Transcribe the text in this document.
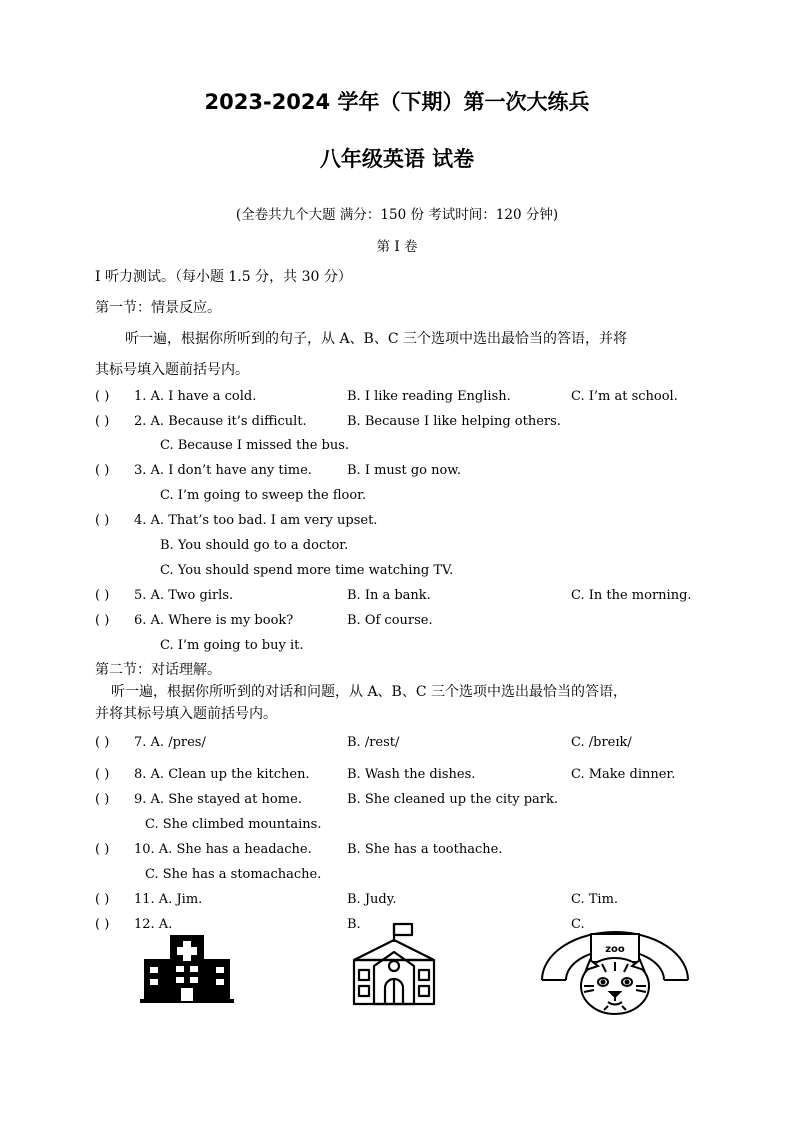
2023-2024 学年（下期）第一次大练兵
八年级英语 试卷
(全卷共九个大题 满分：150 份 考试时间：120 分钟)
第 I 卷
I 听力测试。（每小题 1.5 分，共 30 分）
第一节：情景反应。
听一遍，根据你所听到的句子，从 A、B、C 三个选项中选出最恰当的答语，并将
其标号填入题前括号内。
( ) 1. A. I have a cold.	B. I like reading English.	C. I’m at school.
( ) 2. A. Because it’s difficult.	B. Because I like helping others.
C. Because I missed the bus.
( ) 3. A. I don’t have any time.	B. I must go now.
C. I’m going to sweep the floor.
( ) 4. A. That’s too bad. I am very upset.
B. You should go to a doctor.
C. You should spend more time watching TV.
( ) 5. A. Two girls.	B. In a bank.	C. In the morning.
( ) 6. A. Where is my book?	B. Of course.
C. I’m going to buy it.
第二节：对话理解。
听一遍，根据你所听到的对话和问题，从 A、B、C 三个选项中选出最恰当的答语，
并将其标号填入题前括号内。
( ) 7. A. /pres/	B. /rest/	C. /breɪk/
( ) 8. A. Clean up the kitchen.	B. Wash the dishes.	C. Make dinner.
( ) 9. A. She stayed at home.	B. She cleaned up the city park.
C. She climbed mountains.
( ) 10. A. She has a headache.	B. She has a toothache.
C. She has a stomachache.
( ) 11. A. Jim.	B. Judy.	C. Tim.
( ) 12. A.	B.	C.
zoo
